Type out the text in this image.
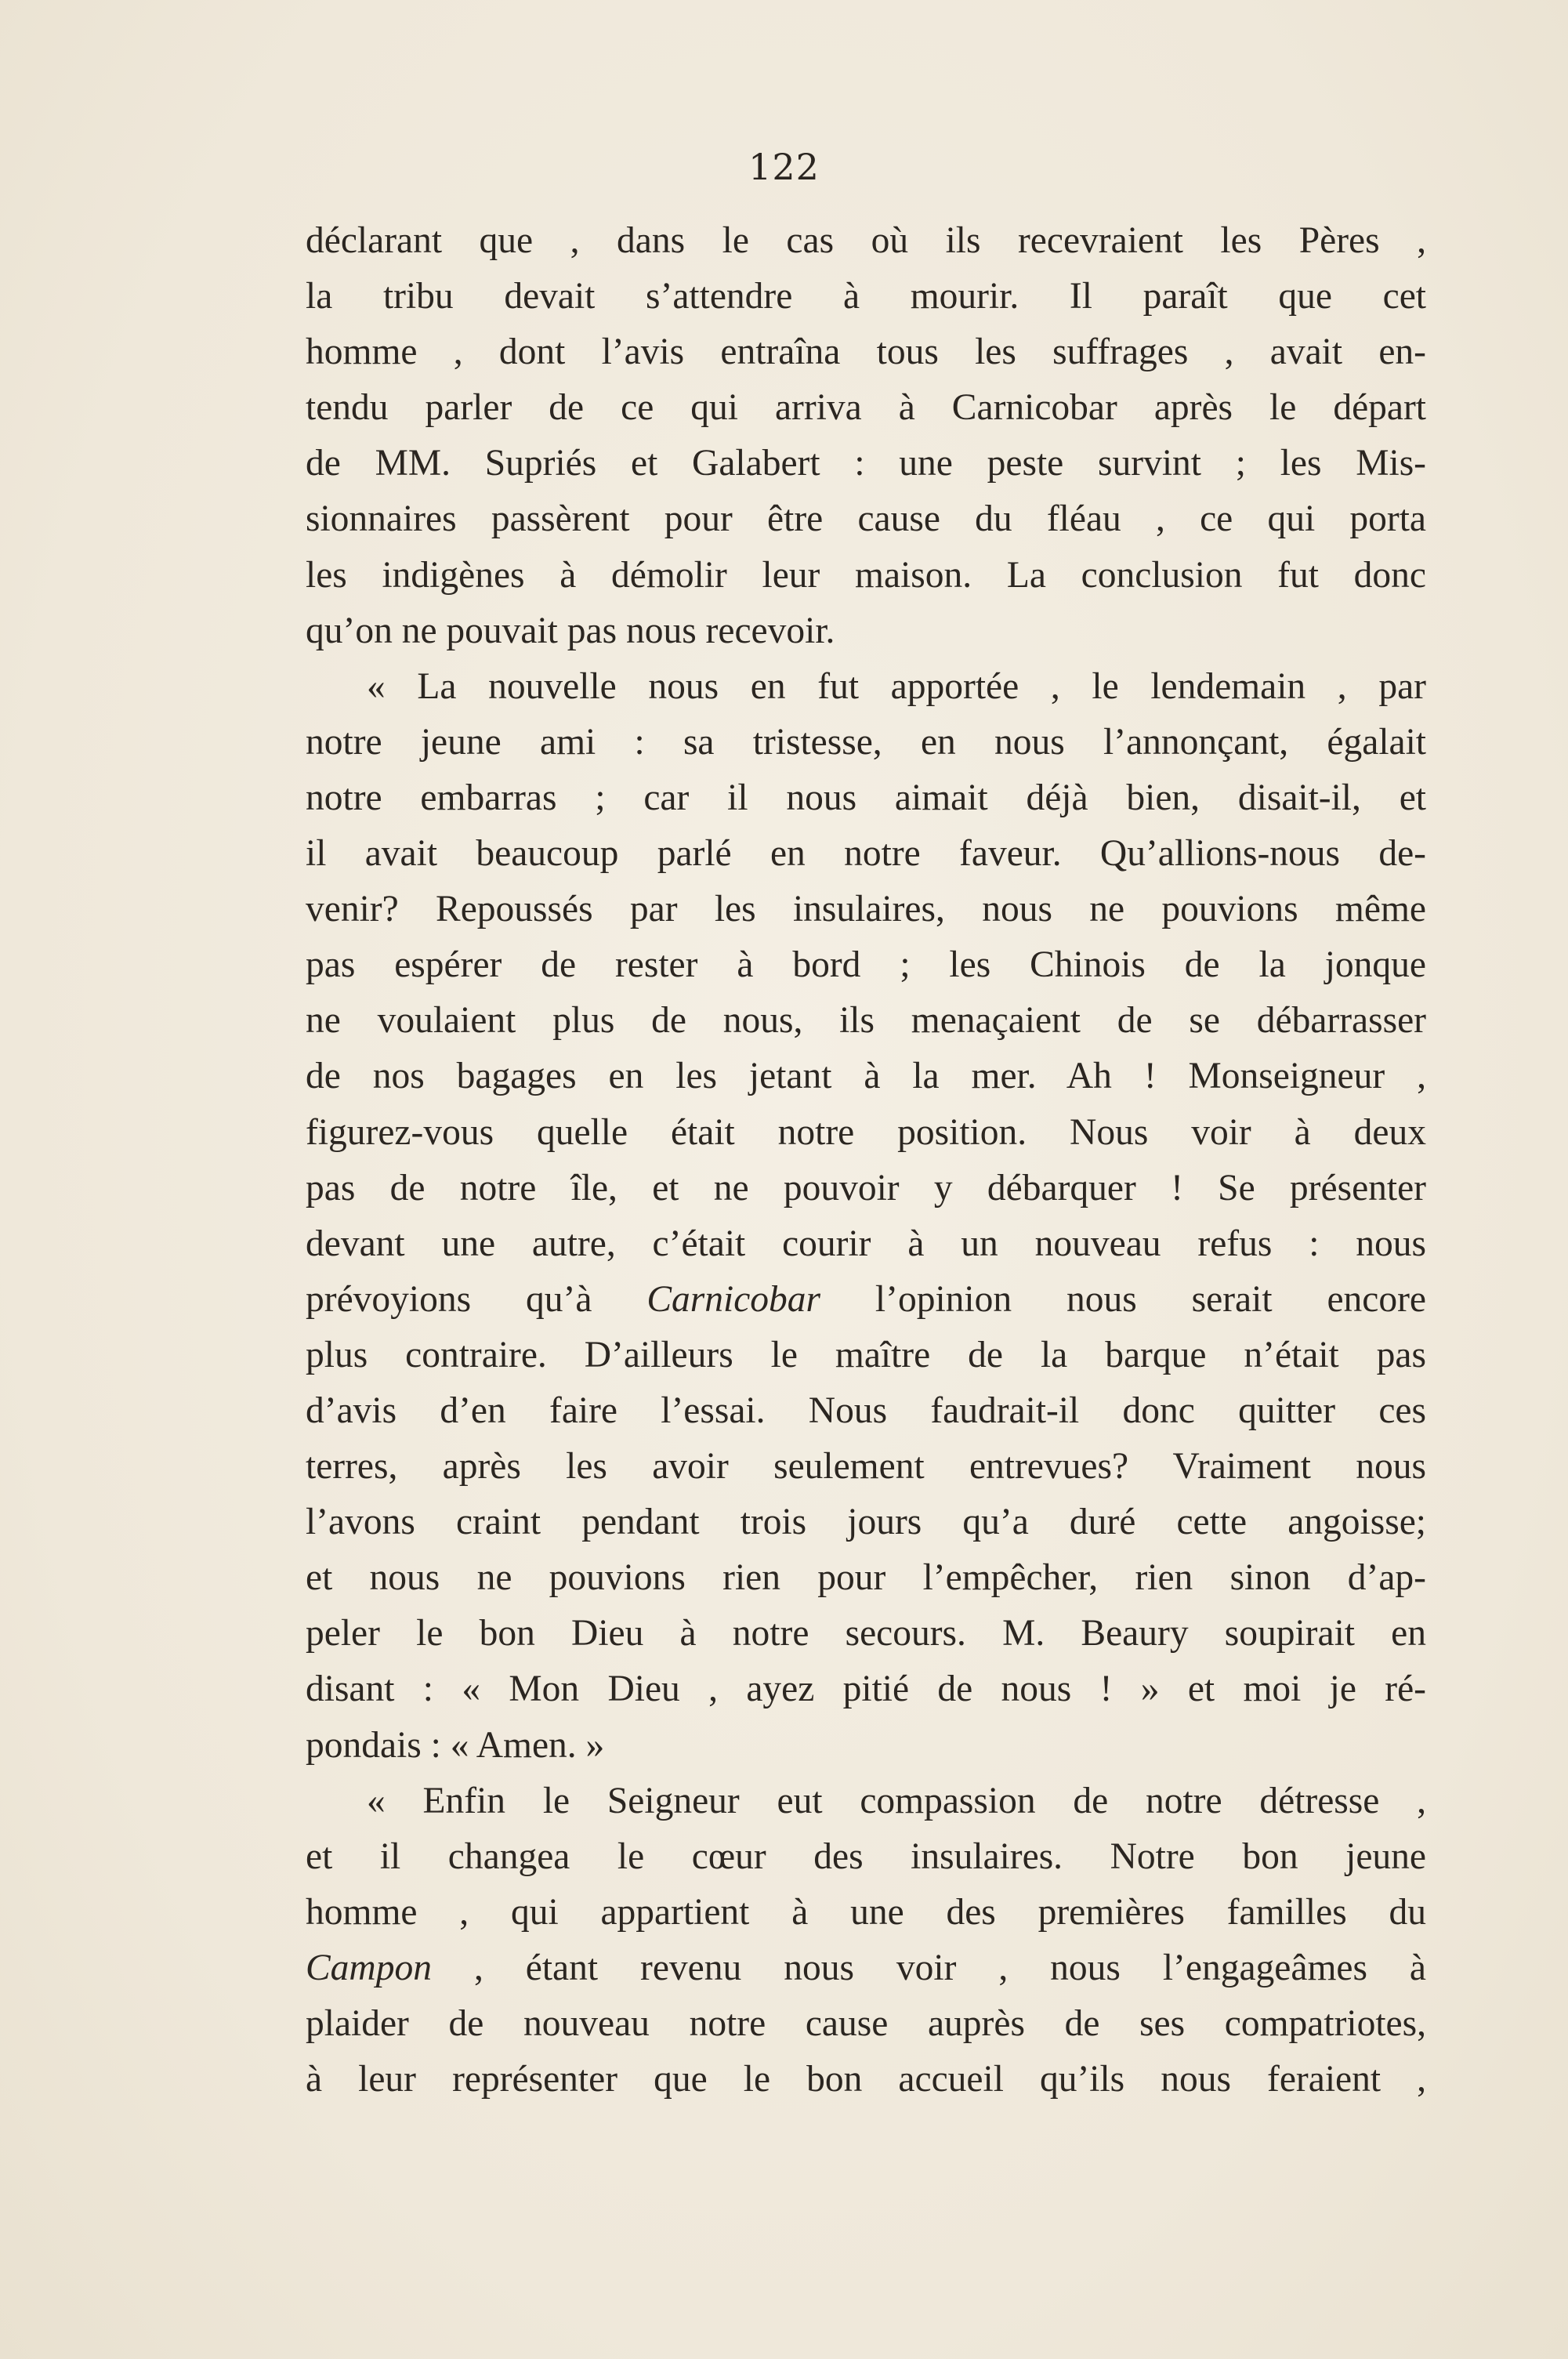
122
déclarant que , dans le cas où ils recevraient les Pères ,
la tribu devait s’attendre à mourir. Il paraît que cet
homme , dont l’avis entraîna tous les suffrages , avait en-
tendu parler de ce qui arriva à Carnicobar après le départ
de MM. Supriés et Galabert : une peste survint ; les Mis-
sionnaires passèrent pour être cause du fléau , ce qui porta
les indigènes à démolir leur maison. La conclusion fut donc
qu’on ne pouvait pas nous recevoir.
« La nouvelle nous en fut apportée , le lendemain , par
notre jeune ami : sa tristesse, en nous l’annonçant, égalait
notre embarras ; car il nous aimait déjà bien, disait-il, et
il avait beaucoup parlé en notre faveur. Qu’allions-nous de-
venir? Repoussés par les insulaires, nous ne pouvions même
pas espérer de rester à bord ; les Chinois de la jonque
ne voulaient plus de nous, ils menaçaient de se débarrasser
de nos bagages en les jetant à la mer. Ah ! Monseigneur ,
figurez-vous quelle était notre position. Nous voir à deux
pas de notre île, et ne pouvoir y débarquer ! Se présenter
devant une autre, c’était courir à un nouveau refus : nous
prévoyions qu’à Carnicobar l’opinion nous serait encore
plus contraire. D’ailleurs le maître de la barque n’était pas
d’avis d’en faire l’essai. Nous faudrait-il donc quitter ces
terres, après les avoir seulement entrevues? Vraiment nous
l’avons craint pendant trois jours qu’a duré cette angoisse;
et nous ne pouvions rien pour l’empêcher, rien sinon d’ap-
peler le bon Dieu à notre secours. M. Beaury soupirait en
disant : « Mon Dieu , ayez pitié de nous ! » et moi je ré-
pondais : « Amen. »
« Enfin le Seigneur eut compassion de notre détresse ,
et il changea le cœur des insulaires. Notre bon jeune
homme , qui appartient à une des premières familles du
Campon , étant revenu nous voir , nous l’engageâmes à
plaider de nouveau notre cause auprès de ses compatriotes,
à leur représenter que le bon accueil qu’ils nous feraient ,
